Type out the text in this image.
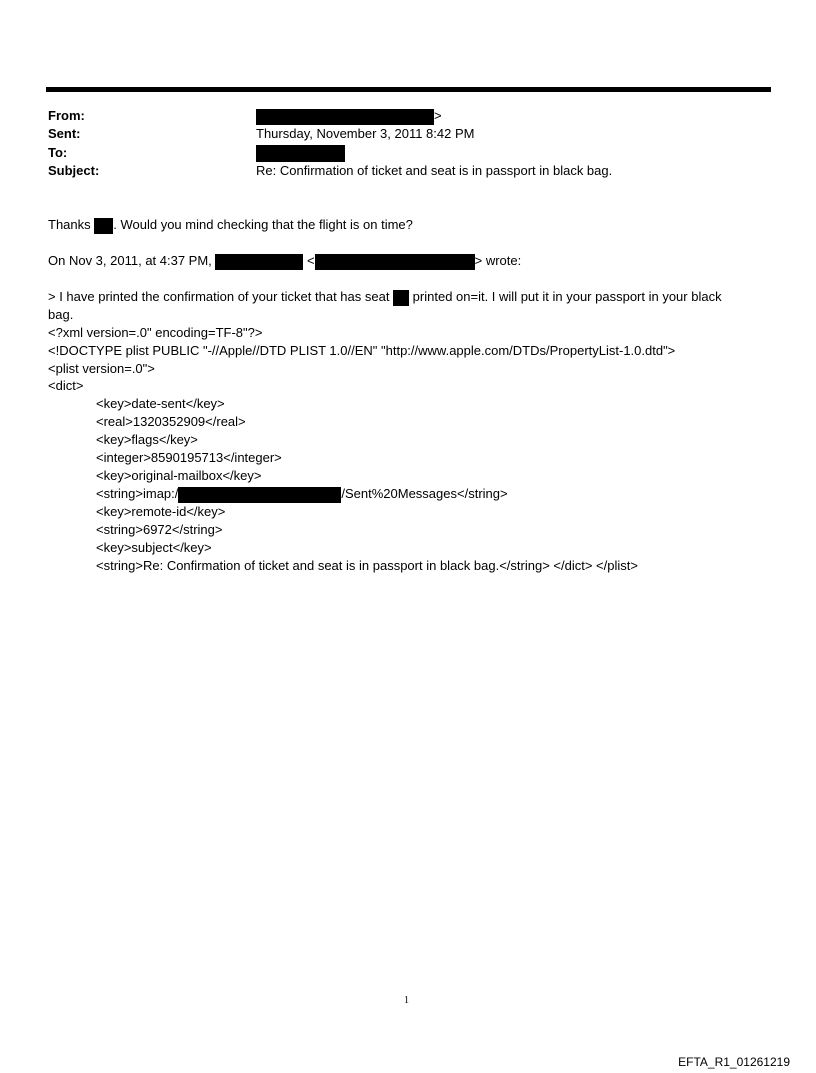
From:	>
Sent:	Thursday, November 3, 2011 8:42 PM
To:
Subject:	Re: Confirmation of ticket and seat is in passport in black bag.
Thanks . Would you mind checking that the flight is on time?
On Nov 3, 2011, at 4:37 PM,	<	> wrote:
> I have printed the confirmation of your ticket that has seat  printed on=it. I will put it in your passport in your black
bag.
<?xml version=.0" encoding=TF-8"?>
<!DOCTYPE plist PUBLIC "-//Apple//DTD PLIST 1.0//EN" "http://www.apple.com/DTDs/PropertyList-1.0.dtd">
<plist version=.0">
<dict>
<key>date-sent</key>
<real>1320352909</real>
<key>flags</key>
<integer>8590195713</integer>
<key>original-mailbox</key>
<string>imap:/	/Sent%20Messages</string>
<key>remote-id</key>
<string>6972</string>
<key>subject</key>
<string>Re: Confirmation of ticket and seat is in passport in black bag.</string> </dict> </plist>
1
EFTA_R1_01261219
